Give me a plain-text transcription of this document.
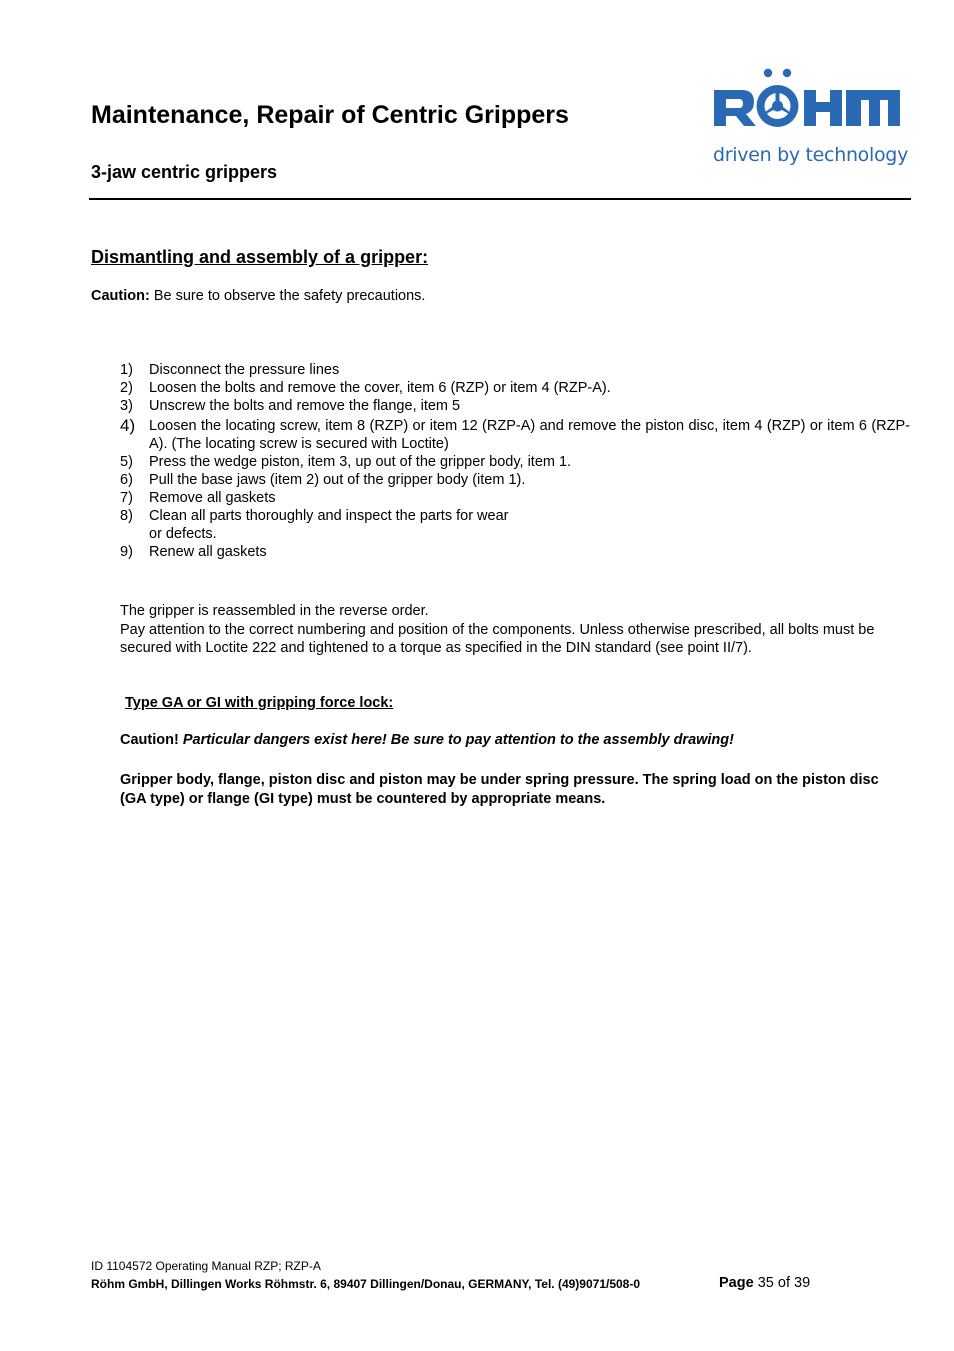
Maintenance, Repair of Centric Grippers
3-jaw centric grippers
driven by technology
Dismantling and assembly of a gripper:
Caution: Be sure to observe the safety precautions.
1) Disconnect the pressure lines
2) Loosen the bolts and remove the cover, item 6 (RZP) or item 4 (RZP-A).
3) Unscrew the bolts and remove the flange, item 5
4) Loosen the locating screw, item 8 (RZP) or item 12 (RZP-A) and remove the piston disc, item 4 (RZP) or item 6 (RZP-A). (The locating screw is secured with Loctite)
5) Press the wedge piston, item 3, up out of the gripper body, item 1.
6) Pull the base jaws (item 2) out of the gripper body (item 1).
7) Remove all gaskets
8) Clean all parts thoroughly and inspect the parts for wear
or defects.
9) Renew all gaskets
The gripper is reassembled in the reverse order.
Pay attention to the correct numbering and position of the components. Unless otherwise prescribed, all bolts must be secured with Loctite 222 and tightened to a torque as specified in the DIN standard (see point II/7).
Type GA or GI with gripping force lock:
Caution! Particular dangers exist here! Be sure to pay attention to the assembly drawing!
Gripper body, flange, piston disc and piston may be under spring pressure. The spring load on the piston disc (GA type) or flange (GI type) must be countered by appropriate means.
ID 1104572 Operating Manual RZP; RZP-A
Röhm GmbH, Dillingen Works Röhmstr. 6, 89407 Dillingen/Donau, GERMANY, Tel. (49)9071/508-0	Page 35 of 39
